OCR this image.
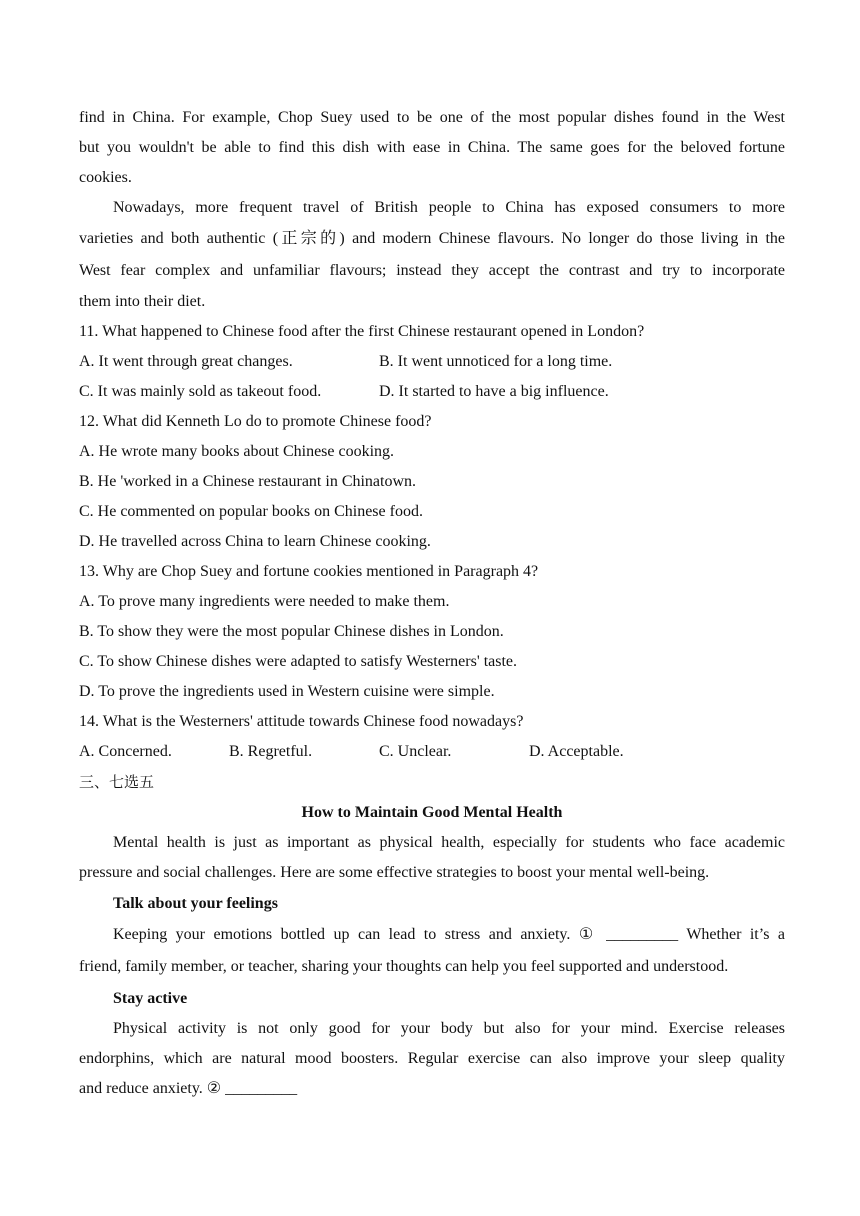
find in China. For example, Chop Suey used to be one of the most popular dishes found in the West

but you wouldn't be able to find this dish with ease in China. The same goes for the beloved fortune

cookies.

Nowadays, more frequent travel of British people to China has exposed consumers to more

varieties and both authentic (正宗的) and modern Chinese flavours. No longer do those living in the

West fear complex and unfamiliar flavours; instead they accept the contrast and try to incorporate

them into their diet.

11. What happened to Chinese food after the first Chinese restaurant opened in London?

A. It went through great changes.	B. It went unnoticed for a long time.
C. It was mainly sold as takeout food.	D. It started to have a big influence.

12. What did Kenneth Lo do to promote Chinese food?

A. He wrote many books about Chinese cooking.

B. He 'worked in a Chinese restaurant in Chinatown.

C. He commented on popular books on Chinese food.

D. He travelled across China to learn Chinese cooking.

13. Why are Chop Suey and fortune cookies mentioned in Paragraph 4?

A. To prove many ingredients were needed to make them.

B. To show they were the most popular Chinese dishes in London.

C. To show Chinese dishes were adapted to satisfy Westerners' taste.

D. To prove the ingredients used in Western cuisine were simple.

14. What is the Westerners' attitude towards Chinese food nowadays?

A. Concerned.	B. Regretful.	C. Unclear.	D. Acceptable.
三、七选五
How to Maintain Good Mental Health

Mental health is just as important as physical health, especially for students who face academic

pressure and social challenges. Here are some effective strategies to boost your mental well-being.

Talk about your feelings

Keeping your emotions bottled up can lead to stress and anxiety. ① _________ Whether it’s a

friend, family member, or teacher, sharing your thoughts can help you feel supported and understood.

Stay active

Physical activity is not only good for your body but also for your mind. Exercise releases

endorphins, which are natural mood boosters. Regular exercise can also improve your sleep quality

and reduce anxiety. ② _________
